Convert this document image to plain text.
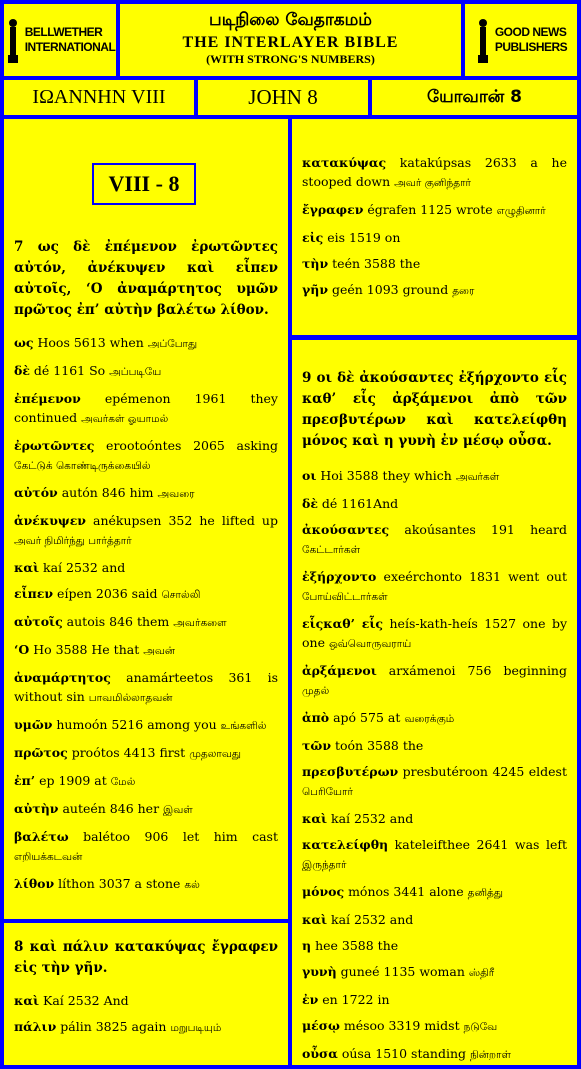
BELLWETHER
INTERNATIONAL
படிநிலை வேதாகமம்
THE INTERLAYER BIBLE
(WITH STRONG'S NUMBERS)
GOOD NEWS
PUBLISHERS
ΙΩΑΝΝΗΝ VIII	JOHN 8	யோவான் 8
VIII - 8
7 ως δὲ ἐπέμενον ἐρωτῶντες αὐτόν, ἀνέκυψεν καὶ εἶπεν αὐτοῖς, ‘Ο ἀναμάρτητος υμῶν πρῶτος ἐπ’ αὐτὴν βαλέτω λίθον.
ως Hoos 5613 when அப்போது
δὲ dé 1161 So அப்படியே
ἐπέμενον epémenon 1961 they continued அவர்கள் ஓயாமல்
ἐρωτῶντες erootoóntes 2065 asking கேட்டுக் கொண்டிருக்கையில்
αὐτόν autón 846 him அவரை
ἀνέκυψεν anékupsen 352 he lifted up அவர் நிமிர்ந்து பார்த்தார்
καὶ kaí 2532 and
εἶπεν eípen 2036 said சொல்லி
αὐτοῖς autois 846 them அவர்களை
‘Ο Ho 3588 He that அவன்
ἀναμάρτητος anamárteetos 361 is without sin பாவமில்லாதவன்
υμῶν humoón 5216 among you உங்களில்
πρῶτος proótos 4413 first முதலாவது
ἐπ’ ep 1909 at மேல்
αὐτὴν auteén 846 her இவள்
βαλέτω balétoo 906 let him cast எறியக்கடவன்
λίθον líthon 3037 a stone கல்
8 καὶ πάλιν κατακύψας ἔγραφεν εἰς τὴν γῆν.
καὶ Kaí 2532 And
πάλιν pálin 3825 again மறுபடியும்
κατακύψας katakúpsas 2633 a he stooped down அவர் குனிந்தார்
ἔγραφεν égrafen 1125 wrote எழுதினார்
εἰς eis 1519 on
τὴν teén 3588 the
γῆν geén 1093 ground தரை
9 οι δὲ ἀκούσαντες ἐξήρχοντο εἷς καθ’ εἷς ἀρξάμενοι ἀπὸ τῶν πρεσβυτέρων καὶ κατελείφθη μόνος καὶ η γυνὴ ἐν μέσῳ οὖσα.
οι Hoi 3588 they which அவர்கள்
δὲ dé 1161And
ἀκούσαντες akoúsantes 191 heard கேட்டார்கள்
ἐξήρχοντο exeérchonto 1831 went out போய்விட்டார்கள்
εἷςκαθ’ εἷς heís-kath-heís 1527 one by one ஒவ்வொருவராய்
ἀρξάμενοι arxámenoi 756 beginning முதல்
ἀπὸ apó 575 at வரைக்கும்
τῶν toón 3588 the
πρεσβυτέρων presbutéroon 4245 eldest பெரியோர்
καὶ kaí 2532 and
κατελείφθη kateleifthee 2641 was left இருந்தார்
μόνος mónos 3441 alone தனித்து
καὶ kaí 2532 and
η hee 3588 the
γυνὴ guneé 1135 woman ஸ்திரீ
ἐν en 1722 in
μέσῳ mésoo 3319 midst நடுவே
οὖσα oúsa 1510 standing நின்றாள்
